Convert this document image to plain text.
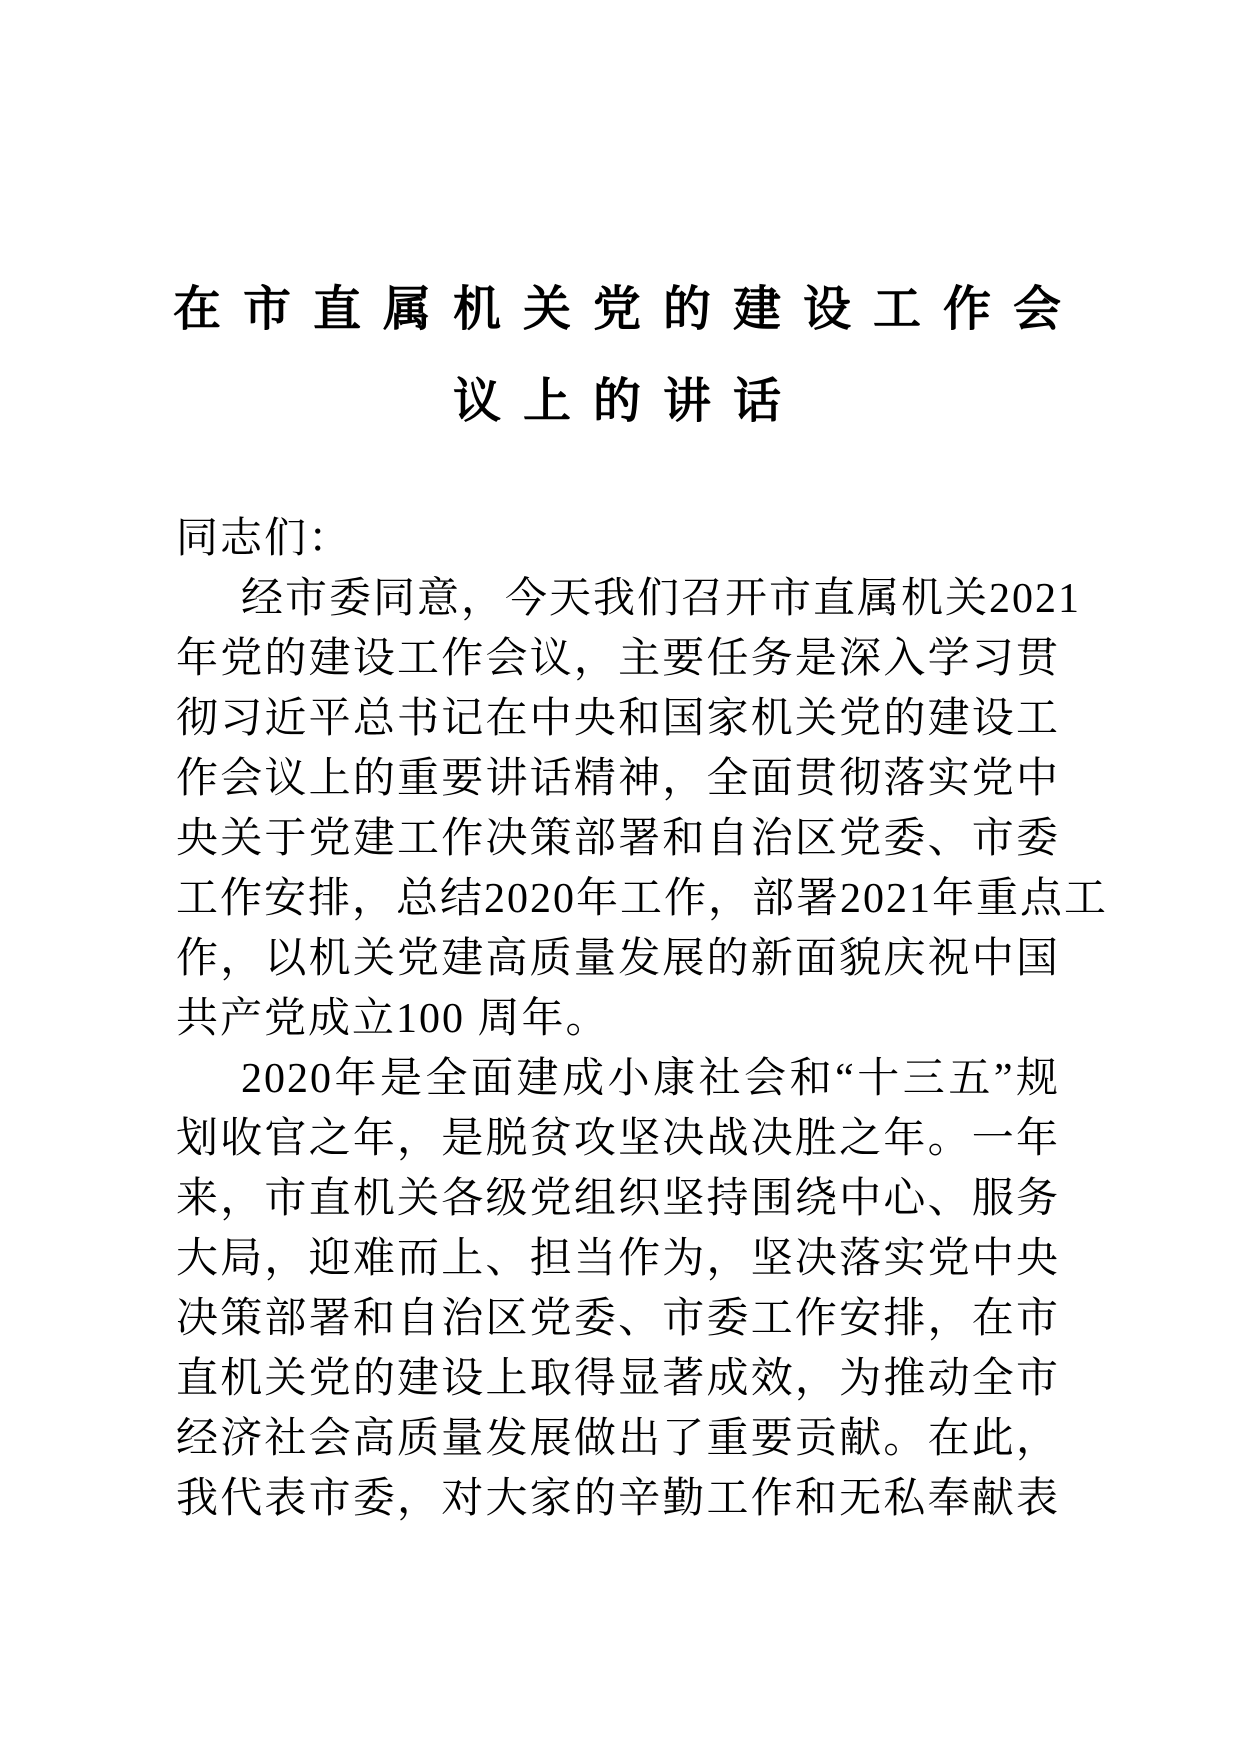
在市直属机关党的建设工作会
议上的讲话
同志们：
经市委同意，今天我们召开市直属机关2021
年党的建设工作会议，主要任务是深入学习贯
彻习近平总书记在中央和国家机关党的建设工
作会议上的重要讲话精神，全面贯彻落实党中
央关于党建工作决策部署和自治区党委、市委
工作安排，总结2020年工作，部署2021年重点工
作，以机关党建高质量发展的新面貌庆祝中国
共产党成立100 周年。
2020年是全面建成小康社会和“十三五”规
划收官之年，是脱贫攻坚决战决胜之年。一年
来，市直机关各级党组织坚持围绕中心、服务
大局，迎难而上、担当作为，坚决落实党中央
决策部署和自治区党委、市委工作安排，在市
直机关党的建设上取得显著成效，为推动全市
经济社会高质量发展做出了重要贡献。在此，
我代表市委，对大家的辛勤工作和无私奉献表
